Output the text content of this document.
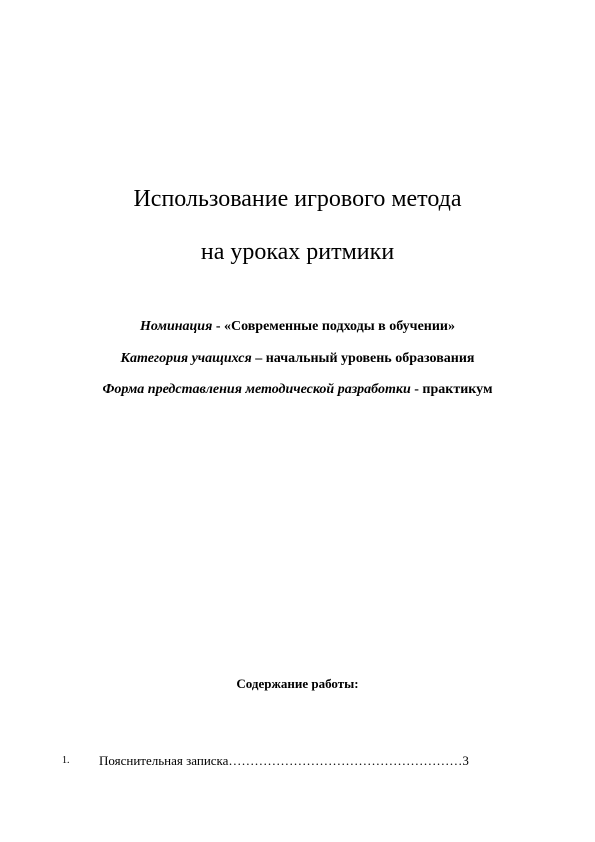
Использование игрового метода
на уроках ритмики
Номинация - «Современные подходы в обучении»
Категория учащихся – начальный уровень образования
Форма представления методической разработки - практикум
Содержание работы:
1. Пояснительная записка………………………………………………3
